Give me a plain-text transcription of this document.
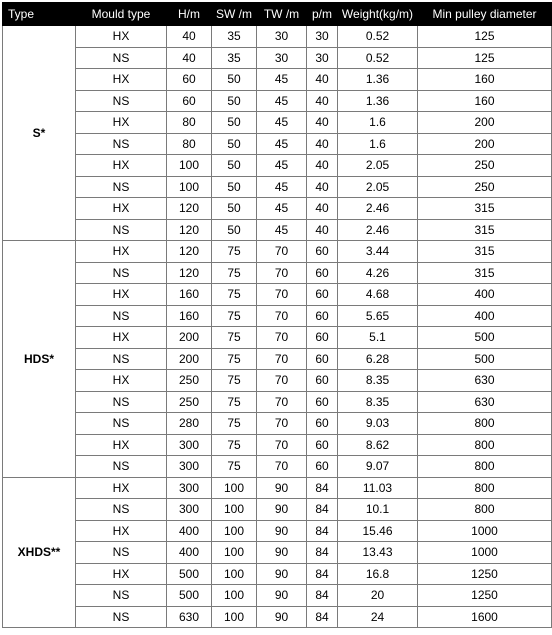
Type	Mould type	H/m	SW /m	TW /m	p/m	Weight(kg/m)	Min pulley diameter
S*	HX	40	35	30	30	0.52	125
	NS	40	35	30	30	0.52	125
	HX	60	50	45	40	1.36	160
	NS	60	50	45	40	1.36	160
	HX	80	50	45	40	1.6	200
	NS	80	50	45	40	1.6	200
	HX	100	50	45	40	2.05	250
	NS	100	50	45	40	2.05	250
	HX	120	50	45	40	2.46	315
	NS	120	50	45	40	2.46	315
HDS*	HX	120	75	70	60	3.44	315
	NS	120	75	70	60	4.26	315
	HX	160	75	70	60	4.68	400
	NS	160	75	70	60	5.65	400
	HX	200	75	70	60	5.1	500
	NS	200	75	70	60	6.28	500
	HX	250	75	70	60	8.35	630
	NS	250	75	70	60	8.35	630
	NS	280	75	70	60	9.03	800
	HX	300	75	70	60	8.62	800
	NS	300	75	70	60	9.07	800
XHDS**	HX	300	100	90	84	11.03	800
	NS	300	100	90	84	10.1	800
	HX	400	100	90	84	15.46	1000
	NS	400	100	90	84	13.43	1000
	HX	500	100	90	84	16.8	1250
	NS	500	100	90	84	20	1250
	NS	630	100	90	84	24	1600
